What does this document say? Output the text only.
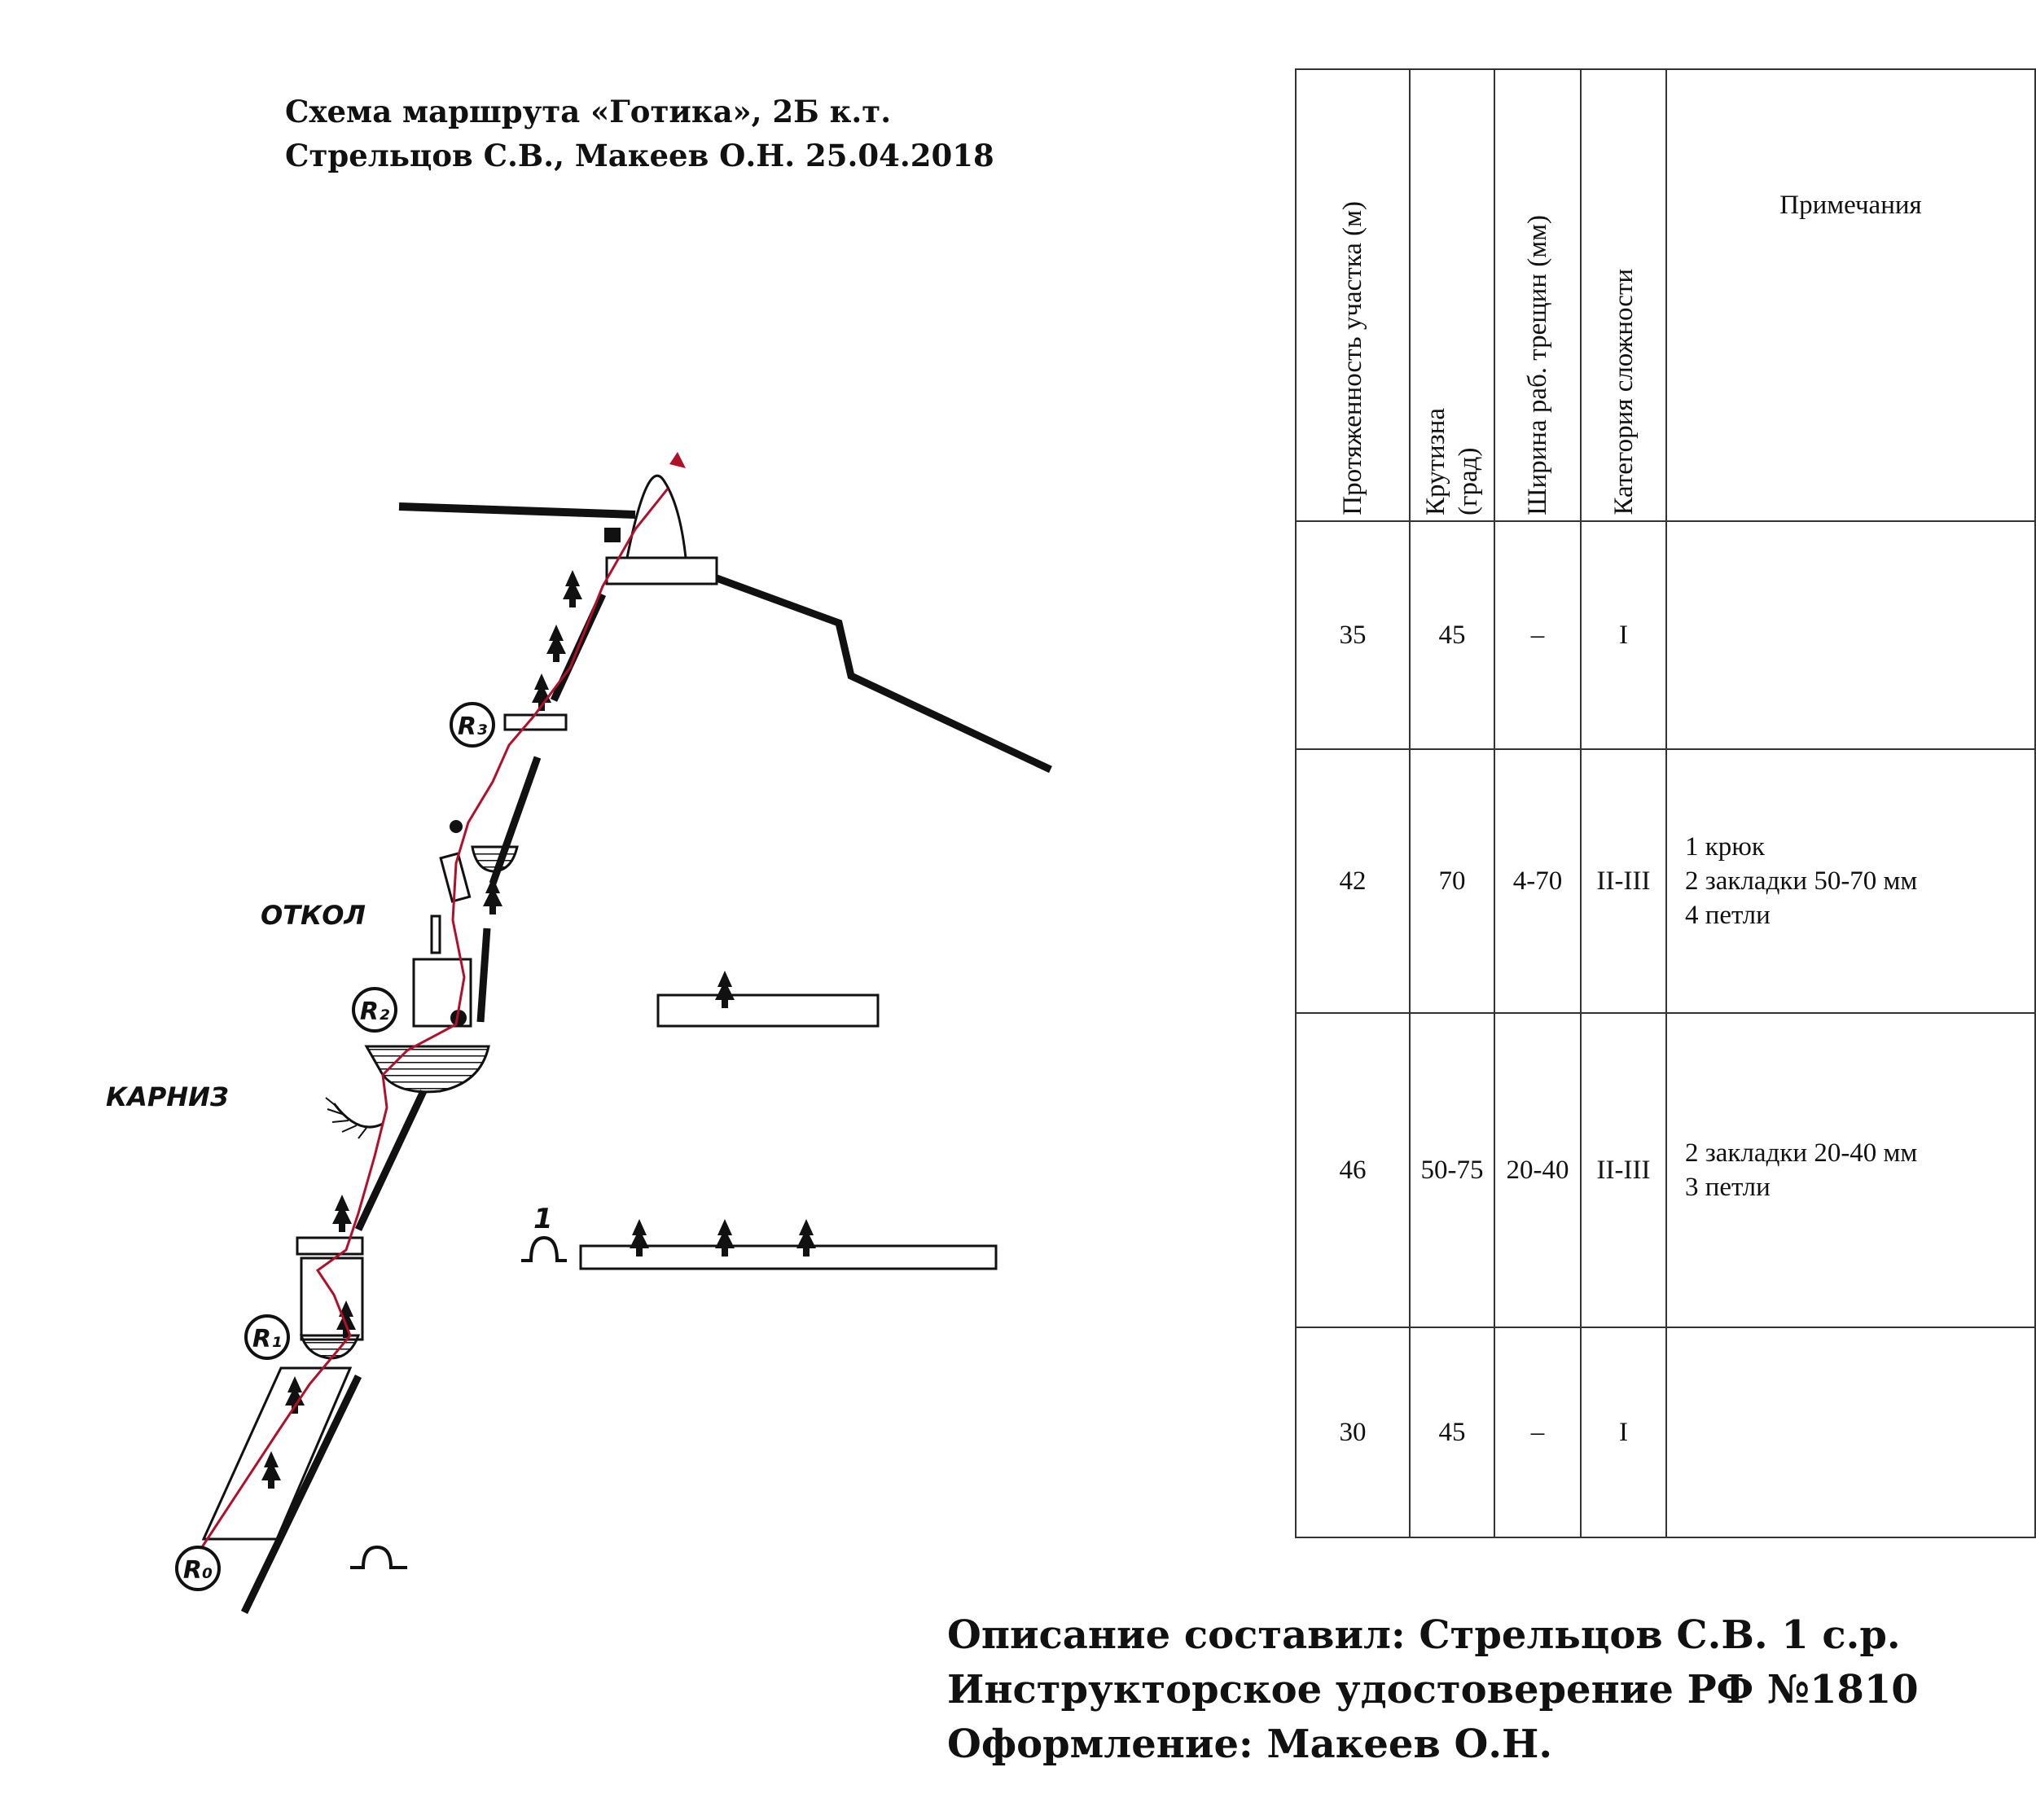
Схема маршрута «Готика», 2Б к.т.
Стрельцов С.В., Макеев О.Н. 25.04.2018
R₀
R₁
R₂
R₃
ОТКОЛ
КАРНИЗ
1
Протяженность участка (м)	Крутизна (град)	Ширина раб. трещин (мм)	Категория сложности	Примечания
35	45	–	I	
42	70	4-70	II-III	1 крюк
2 закладки 50-70 мм
4 петли

46	50-75	20-40	II-III	2 закладки 20-40 мм
3 петли

30	45	–	I	
Описание составил: Стрельцов С.В. 1 с.р.
Инструкторское удостоверение РФ №1810
Оформление: Макеев О.Н.
